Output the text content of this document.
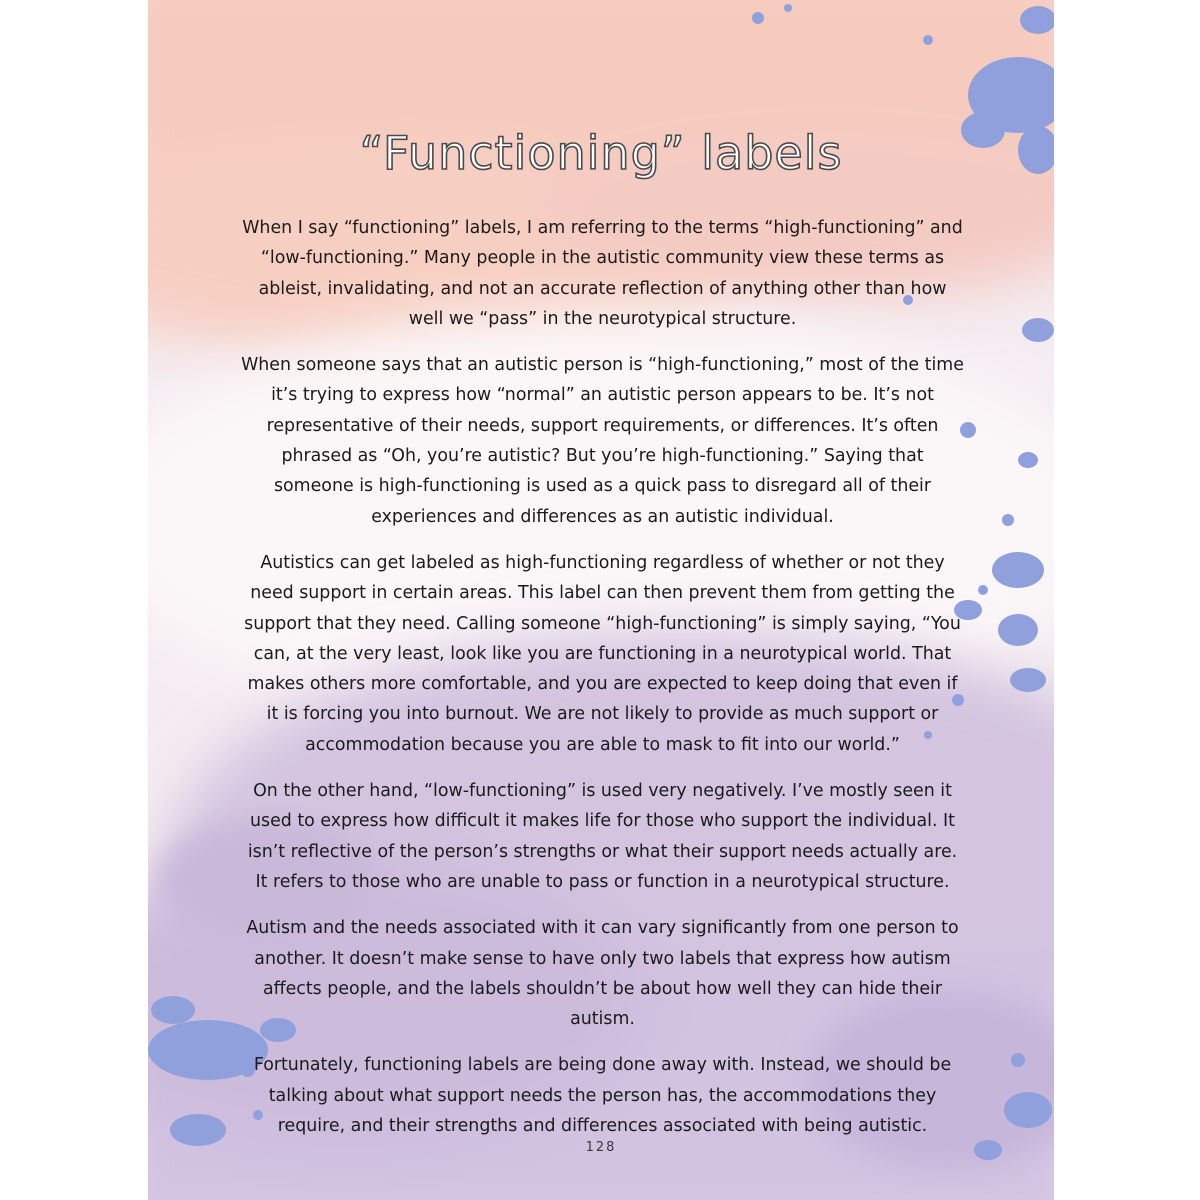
“Functioning” labels

When I say “functioning” labels, I am referring to the terms “high-functioning” and “low-functioning.” Many people in the autistic community view these terms as ableist, invalidating, and not an accurate reflection of anything other than how well we “pass” in the neurotypical structure.

When someone says that an autistic person is “high-functioning,” most of the time it’s trying to express how “normal” an autistic person appears to be. It’s not representative of their needs, support requirements, or differences. It’s often phrased as “Oh, you’re autistic? But you’re high-functioning.” Saying that someone is high-functioning is used as a quick pass to disregard all of their experiences and differences as an autistic individual.

Autistics can get labeled as high-functioning regardless of whether or not they need support in certain areas. This label can then prevent them from getting the support that they need. Calling someone “high-functioning” is simply saying, “You can, at the very least, look like you are functioning in a neurotypical world. That makes others more comfortable, and you are expected to keep doing that even if it is forcing you into burnout. We are not likely to provide as much support or accommodation because you are able to mask to fit into our world.”

On the other hand, “low-functioning” is used very negatively. I’ve mostly seen it used to express how difficult it makes life for those who support the individual. It isn’t reflective of the person’s strengths or what their support needs actually are. It refers to those who are unable to pass or function in a neurotypical structure.

Autism and the needs associated with it can vary significantly from one person to another. It doesn’t make sense to have only two labels that express how autism affects people, and the labels shouldn’t be about how well they can hide their autism.

Fortunately, functioning labels are being done away with. Instead, we should be talking about what support needs the person has, the accommodations they require, and their strengths and differences associated with being autistic.

128
